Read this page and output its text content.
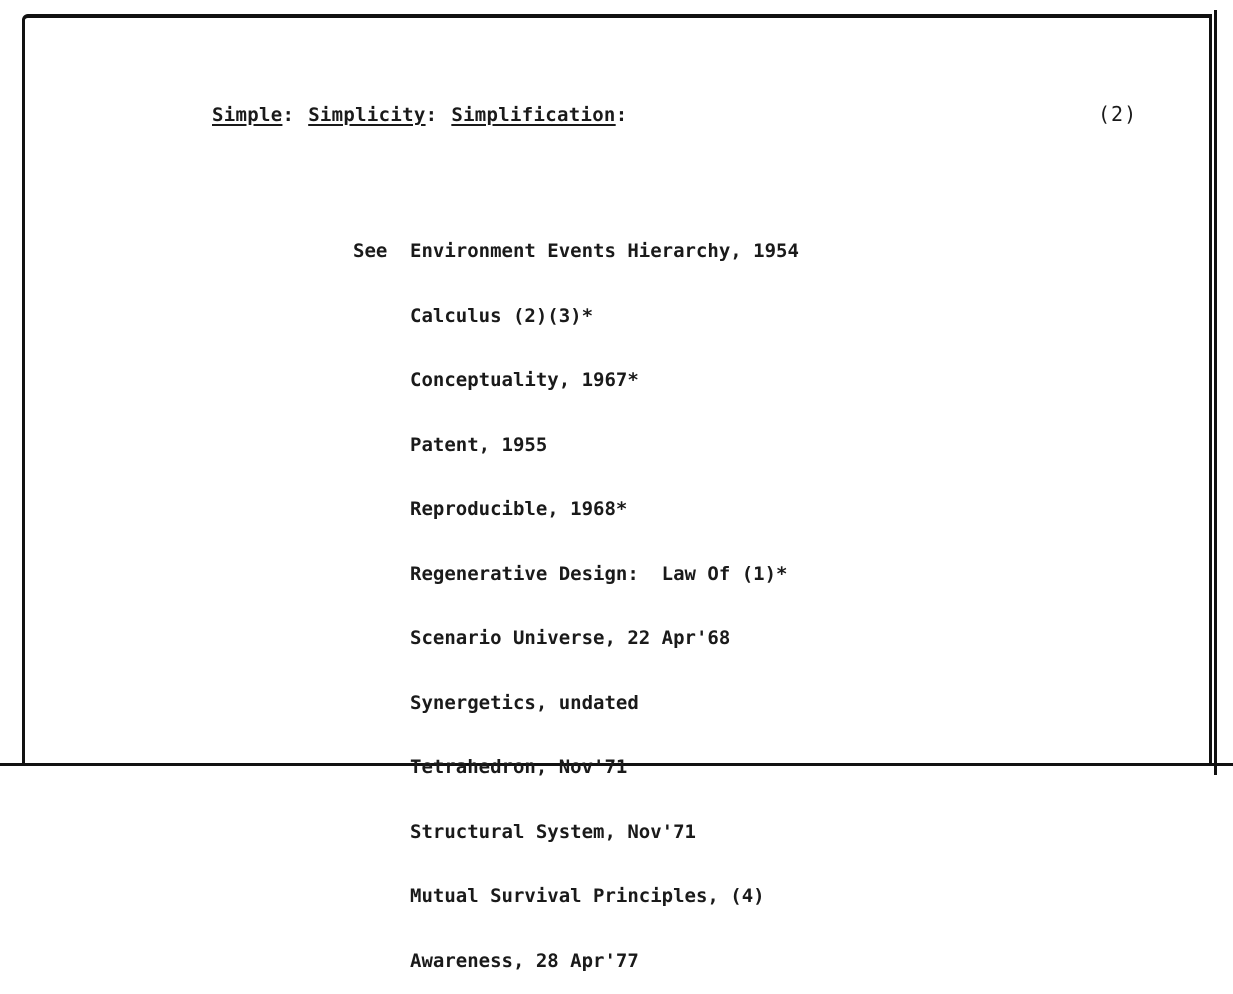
Simple: Simplicity: Simplification:	(2)

See Environment Events Hierarchy, 1954

Calculus (2)(3)*

Conceptuality, 1967*

Patent, 1955

Reproducible, 1968*

Regenerative Design:  Law Of (1)*

Scenario Universe, 22 Apr'68

Synergetics, undated

Tetrahedron, Nov'71

Structural System, Nov'71

Mutual Survival Principles, (4)

Awareness, 28 Apr'77
